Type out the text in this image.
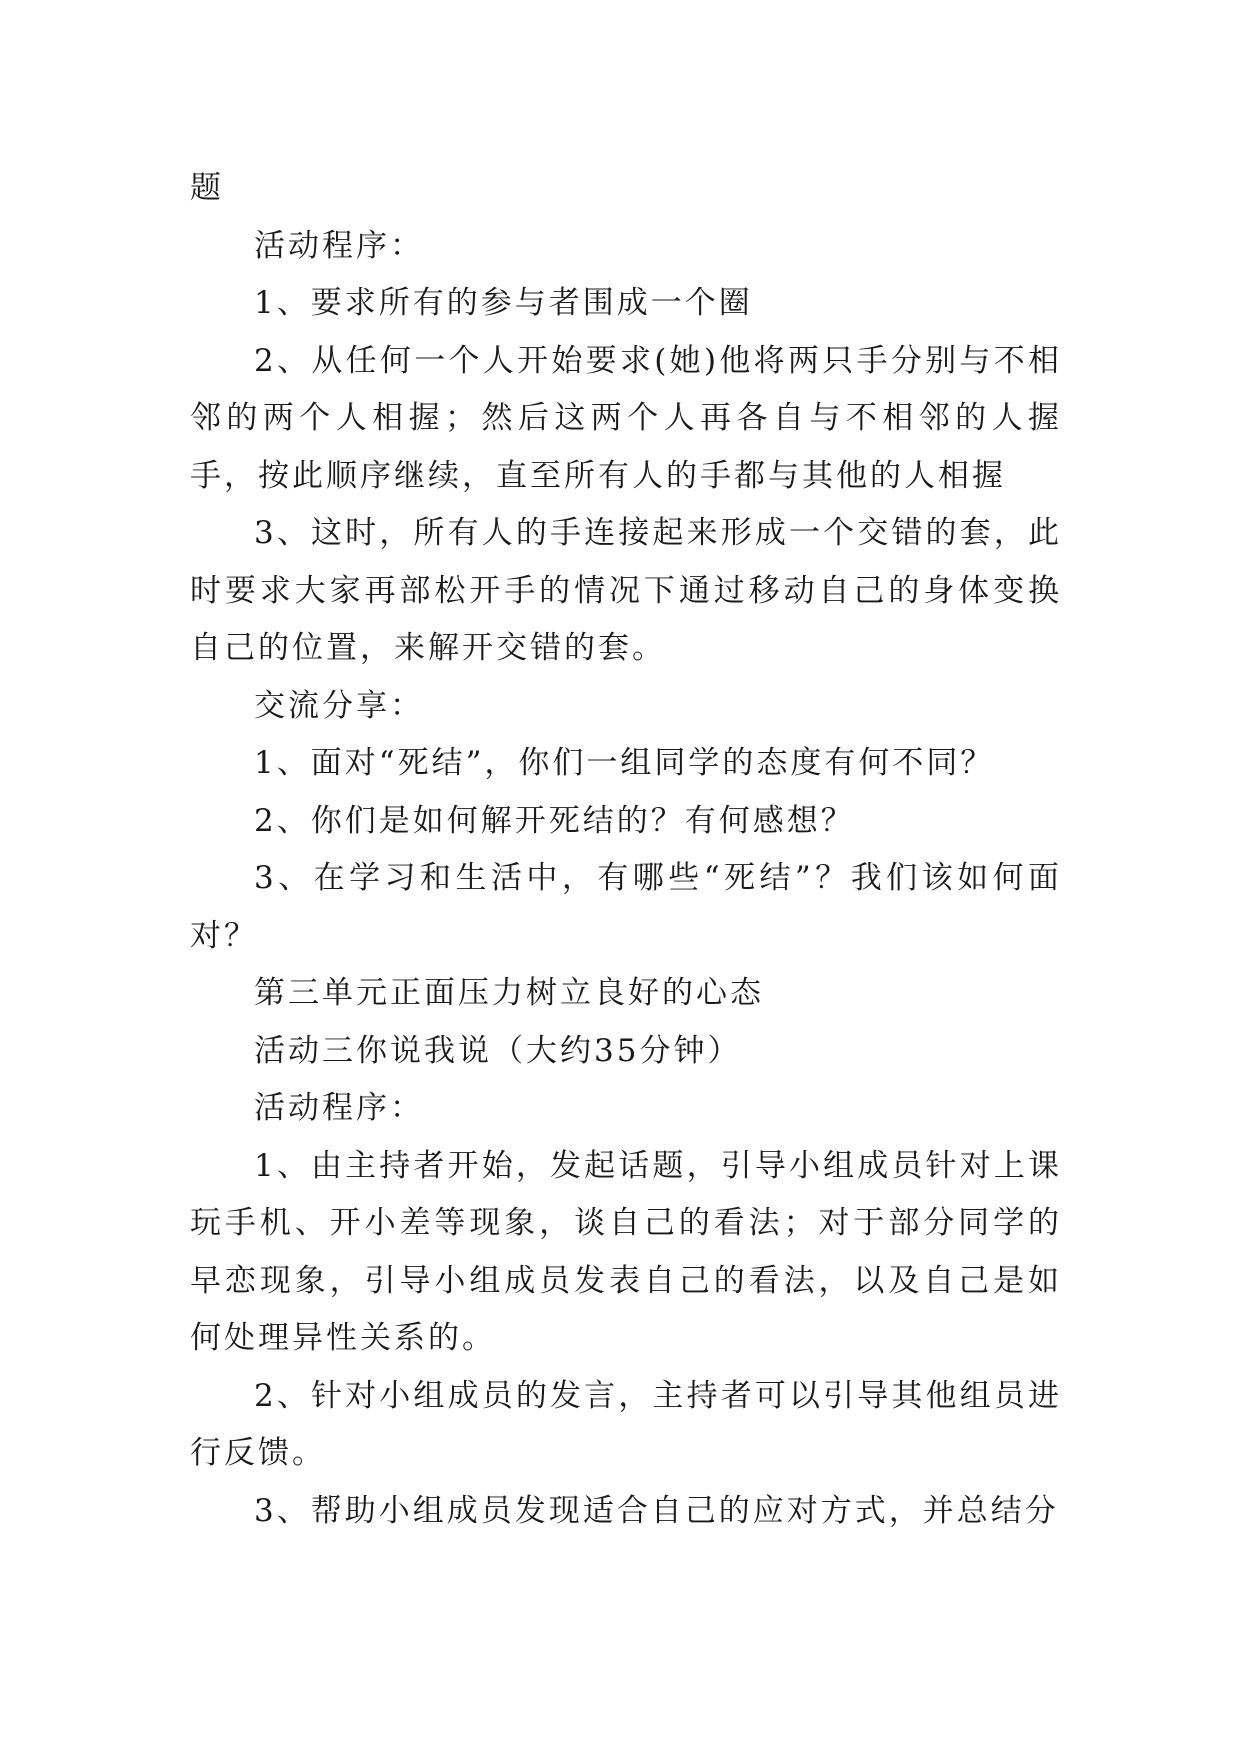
题

活动程序：

1、要求所有的参与者围成一个圈

2、从任何一个人开始要求(她)他将两只手分别与不相邻的两个人相握；然后这两个人再各自与不相邻的人握手，按此顺序继续，直至所有人的手都与其他的人相握

3、这时，所有人的手连接起来形成一个交错的套，此时要求大家再部松开手的情况下通过移动自己的身体变换自己的位置，来解开交错的套。

交流分享：

1、面对“死结”，你们一组同学的态度有何不同？

2、你们是如何解开死结的？有何感想？

3、在学习和生活中，有哪些“死结”？我们该如何面对？

第三单元正面压力树立良好的心态

活动三你说我说（大约35分钟）

活动程序：

1、由主持者开始，发起话题，引导小组成员针对上课玩手机、开小差等现象，谈自己的看法；对于部分同学的早恋现象，引导小组成员发表自己的看法，以及自己是如何处理异性关系的。

2、针对小组成员的发言，主持者可以引导其他组员进行反馈。

3、帮助小组成员发现适合自己的应对方式，并总结分
